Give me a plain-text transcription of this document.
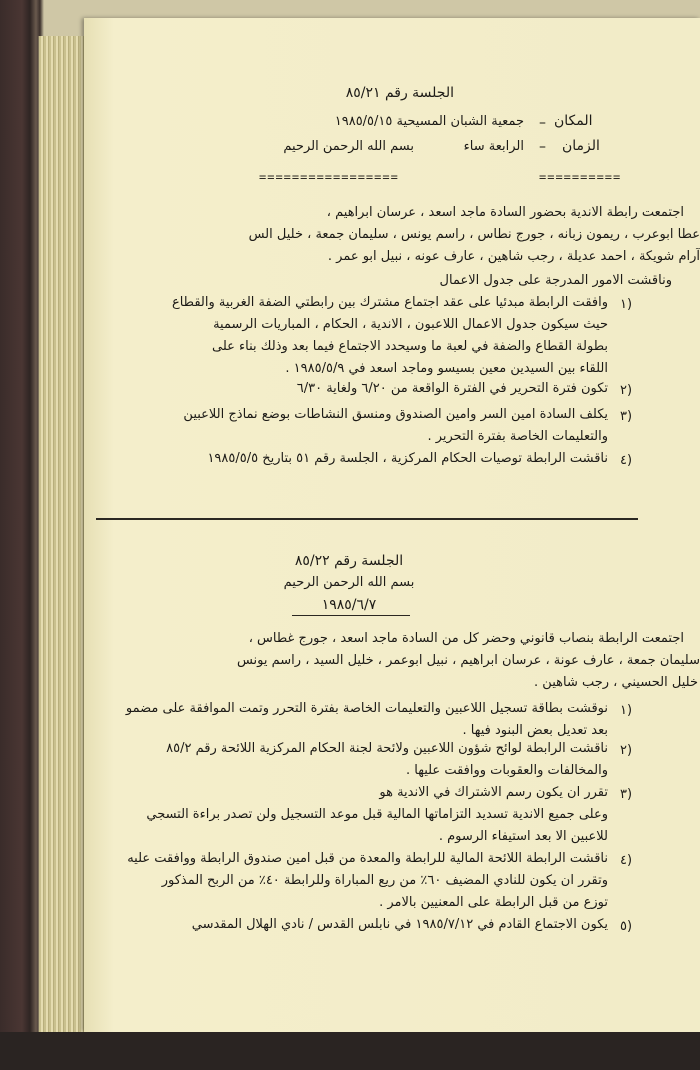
الجلسة رقم ٨٥/٢١
المكان
–
جمعية الشبان المسيحية ١٩٨٥/٥/١٥
الزمان
–
الرابعة ساء
بسم الله الرحمن الرحيم
==========
=================
اجتمعت رابطة الاندية بحضور السادة ماجد اسعد ، عرسان ابراهيم ،
عطا ابوعرب ، ريمون زبانه ، جورج نطاس ، راسم يونس ، سليمان جمعة ، خليل الس
آرام شويكة ، احمد عديلة ، رجب شاهين ، عارف عونه ، نبيل ابو عمر .
وناقشت الامور المدرجة على جدول الاعمال
١)
وافقت الرابطة مبدئيا على عقد اجتماع مشترك بين رابطتي الضفة الغربية والقطاع
حيث سيكون جدول الاعمال اللاعبون ، الاندية ، الحكام ، المباريات الرسمية
بطولة القطاع والضفة في لعبة ما وسيحدد الاجتماع فيما بعد وذلك بناء على
اللقاء بين السيدين معين بسيسو وماجد اسعد في ١٩٨٥/٥/٩ .
٢)
تكون فترة التحرير في الفترة الواقعة من ٦/٢٠ ولغاية ٦/٣٠
٣)
يكلف السادة امين السر وامين الصندوق ومنسق النشاطات بوضع نماذج اللاعبين
والتعليمات الخاصة بفترة التحرير .
٤)
ناقشت الرابطة توصيات الحكام المركزية ، الجلسة رقم ٥١ بتاريخ ١٩٨٥/٥/٥
الجلسة رقم ٨٥/٢٢
بسم الله الرحمن الرحيم
١٩٨٥/٦/٧
اجتمعت الرابطة بنصاب قانوني وحضر كل من السادة ماجد اسعد ، جورج غطاس ،
سليمان جمعة ، عارف عونة ، عرسان ابراهيم ، نبيل ابوعمر ، خليل السيد ، راسم يونس
خليل الحسيني ، رجب شاهين .
١)
نوقشت بطاقة تسجيل اللاعبين والتعليمات الخاصة بفترة التحرر وتمت الموافقة على مضمو
بعد تعديل بعض البنود فيها .
٢)
ناقشت الرابطة لوائح شؤون اللاعبين ولائحة لجنة الحكام المركزية اللائحة رقم ٨٥/٢
والمخالفات والعقوبات ووافقت عليها .
٣)
تقرر ان يكون رسم الاشتراك في الاندية هو
وعلى جميع الاندية تسديد التزاماتها المالية قبل موعد التسجيل ولن تصدر براءة التسجي
للاعبين الا بعد استيفاء الرسوم .
٤)
ناقشت الرابطة اللائحة المالية للرابطة والمعدة من قبل امين صندوق الرابطة ووافقت عليه
وتقرر ان يكون للنادي المضيف ٦٠٪ من ريع المباراة وللرابطة ٤٠٪ من الربح المذكور
توزع من قبل الرابطة على المعنيين بالامر .
٥)
يكون الاجتماع القادم في ١٩٨٥/٧/١٢ في نابلس القدس / نادي الهلال المقدسي
